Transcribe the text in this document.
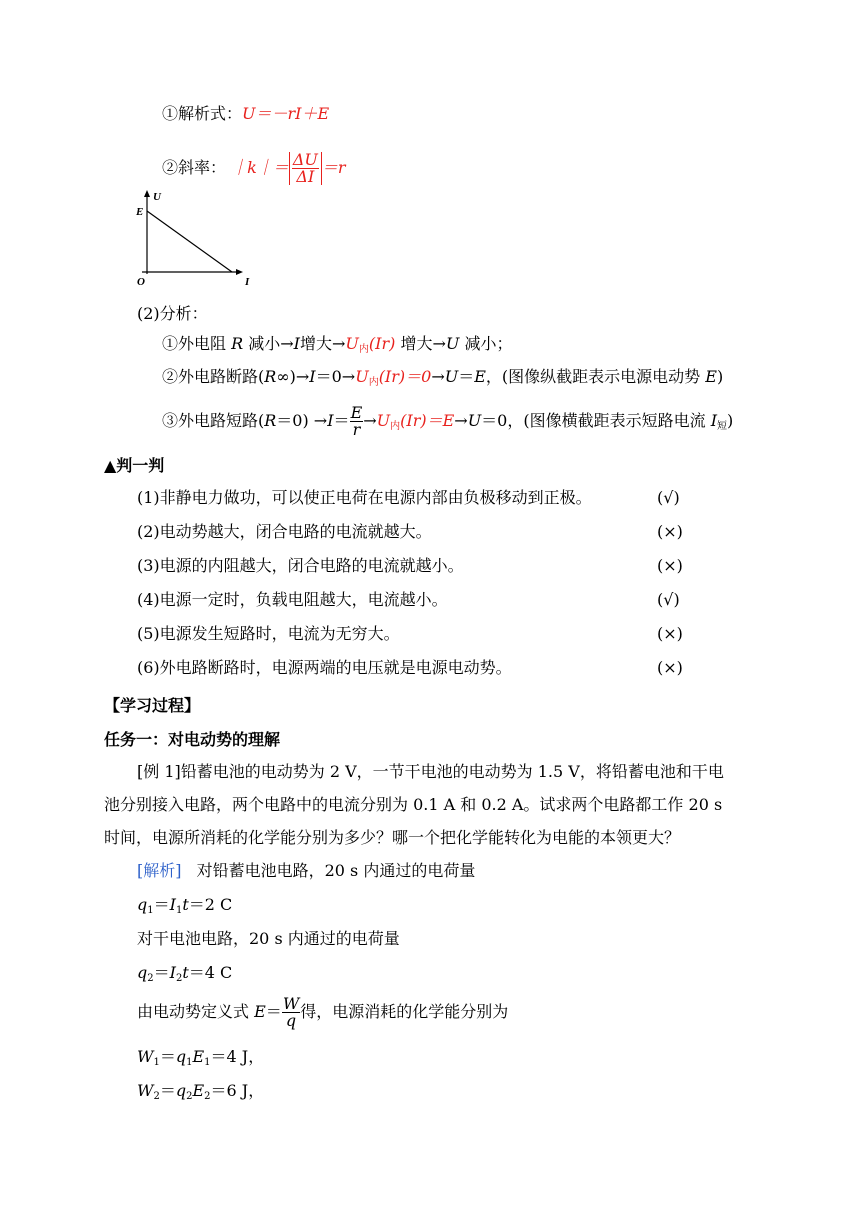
①解析式：U＝－rI＋E
②斜率： ｜k｜＝ $\frac{\Delta U}{\Delta I} =r$
U
E
O	I
(2)分析：
①外电阻 R 减小→I增大$\to U_内(Ir)$ 增大→U 减小；
②外电路断路$(R\infty)\to I=0\to U_内(Ir)=0\to U=E$，(图像纵截距表示电源电动势 E)
③外电路短路$(R=0) \to I= \frac{E}{r} \to U_内(Ir)=E\to U=0$，(图像横截距表示短路电流 $I_短$)
▲判一判
(1)非静电力做功，可以使正电荷在电源内部由负极移动到正极。	(√)
(2)电动势越大，闭合电路的电流就越大。	(×)
(3)电源的内阻越大，闭合电路的电流就越小。	(×)
(4)电源一定时，负载电阻越大，电流越小。	(√)
(5)电源发生短路时，电流为无穷大。	(×)
(6)外电路断路时，电源两端的电压就是电源电动势。	(×)
【学习过程】
任务一：对电动势的理解
[例 1]铅蓄电池的电动势为 2 V，一节干电池的电动势为 1.5 V，将铅蓄电池和干电
池分别接入电路，两个电路中的电流分别为 0.1 A 和 0.2 A。试求两个电路都工作 20 s
时间，电源所消耗的化学能分别为多少？哪一个把化学能转化为电能的本领更大？
[解析] 对铅蓄电池电路，20 s 内通过的电荷量
$q_1=I_1t=2$ C
对干电池电路，20 s 内通过的电荷量
$q_2=I_2t=4$ C
由电动势定义式 $E= \frac{W}{q}$ 得，电源消耗的化学能分别为
$W_1=q_1E_1=4$ J，
$W_2=q_2E_2=6$ J，
